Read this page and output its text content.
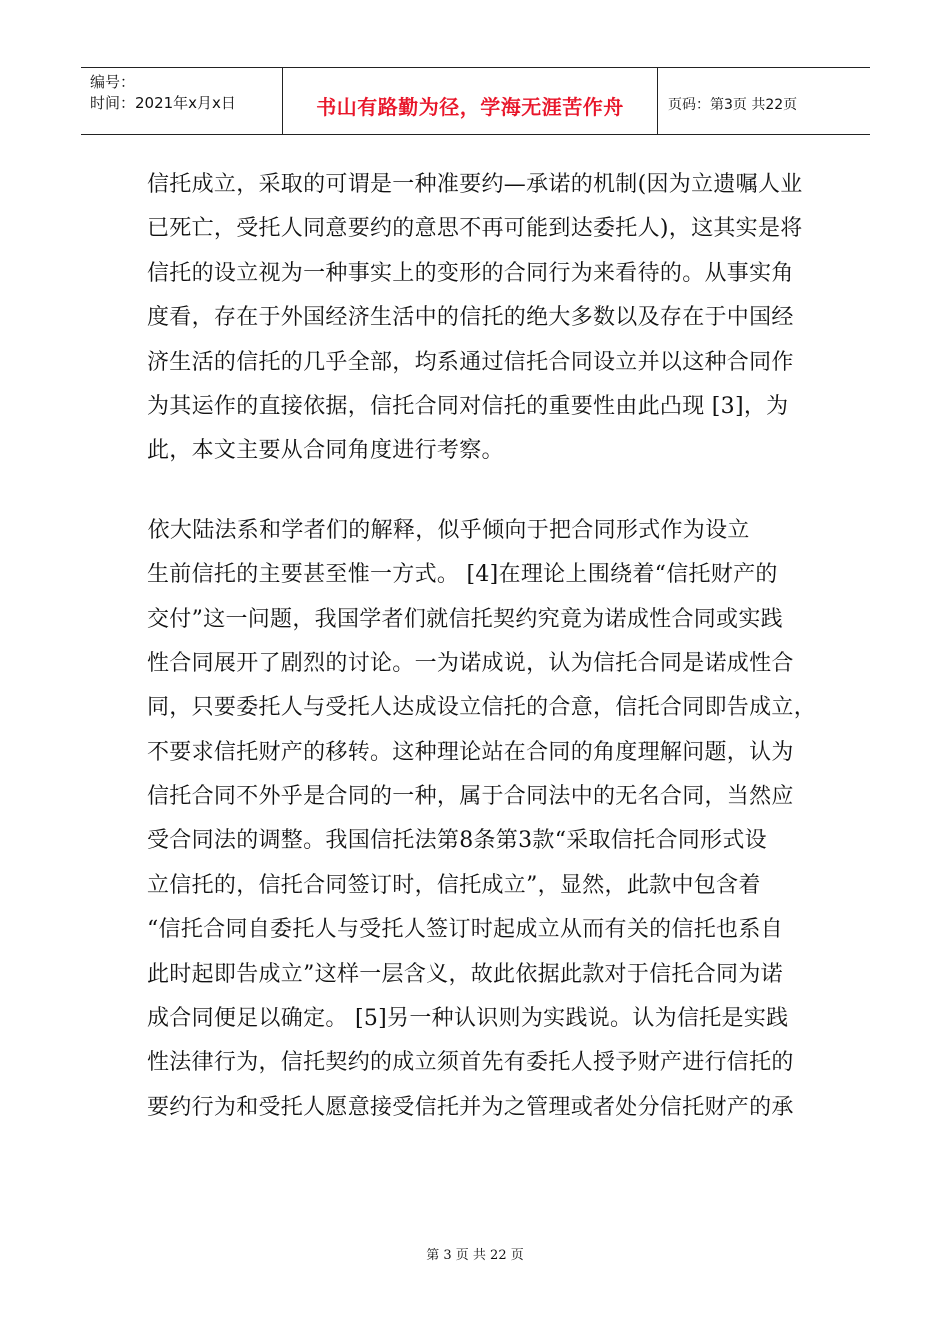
编号：
时间：2021年x月x日	书山有路勤为径，学海无涯苦作舟	页码：第3页 共22页
信托成立，采取的可谓是一种准要约—承诺的机制(因为立遗嘱人业
已死亡，受托人同意要约的意思不再可能到达委托人)，这其实是将
信托的设立视为一种事实上的变形的合同行为来看待的。从事实角
度看，存在于外国经济生活中的信托的绝大多数以及存在于中国经
济生活的信托的几乎全部，均系通过信托合同设立并以这种合同作
为其运作的直接依据，信托合同对信托的重要性由此凸现 [3]，为
此，本文主要从合同角度进行考察。
　　依大陆法系和学者们的解释，似乎倾向于把合同形式作为设立
生前信托的主要甚至惟一方式。 [4]在理论上围绕着“信托财产的
交付”这一问题，我国学者们就信托契约究竟为诺成性合同或实践
性合同展开了剧烈的讨论。一为诺成说，认为信托合同是诺成性合
同，只要委托人与受托人达成设立信托的合意，信托合同即告成立，
不要求信托财产的移转。这种理论站在合同的角度理解问题，认为
信托合同不外乎是合同的一种，属于合同法中的无名合同，当然应
受合同法的调整。我国信托法第8条第3款“采取信托合同形式设
立信托的，信托合同签订时，信托成立”，显然，此款中包含着
“信托合同自委托人与受托人签订时起成立从而有关的信托也系自
此时起即告成立”这样一层含义，故此依据此款对于信托合同为诺
成合同便足以确定。 [5]另一种认识则为实践说。认为信托是实践
性法律行为，信托契约的成立须首先有委托人授予财产进行信托的
要约行为和受托人愿意接受信托并为之管理或者处分信托财产的承
第 3 页 共 22 页
